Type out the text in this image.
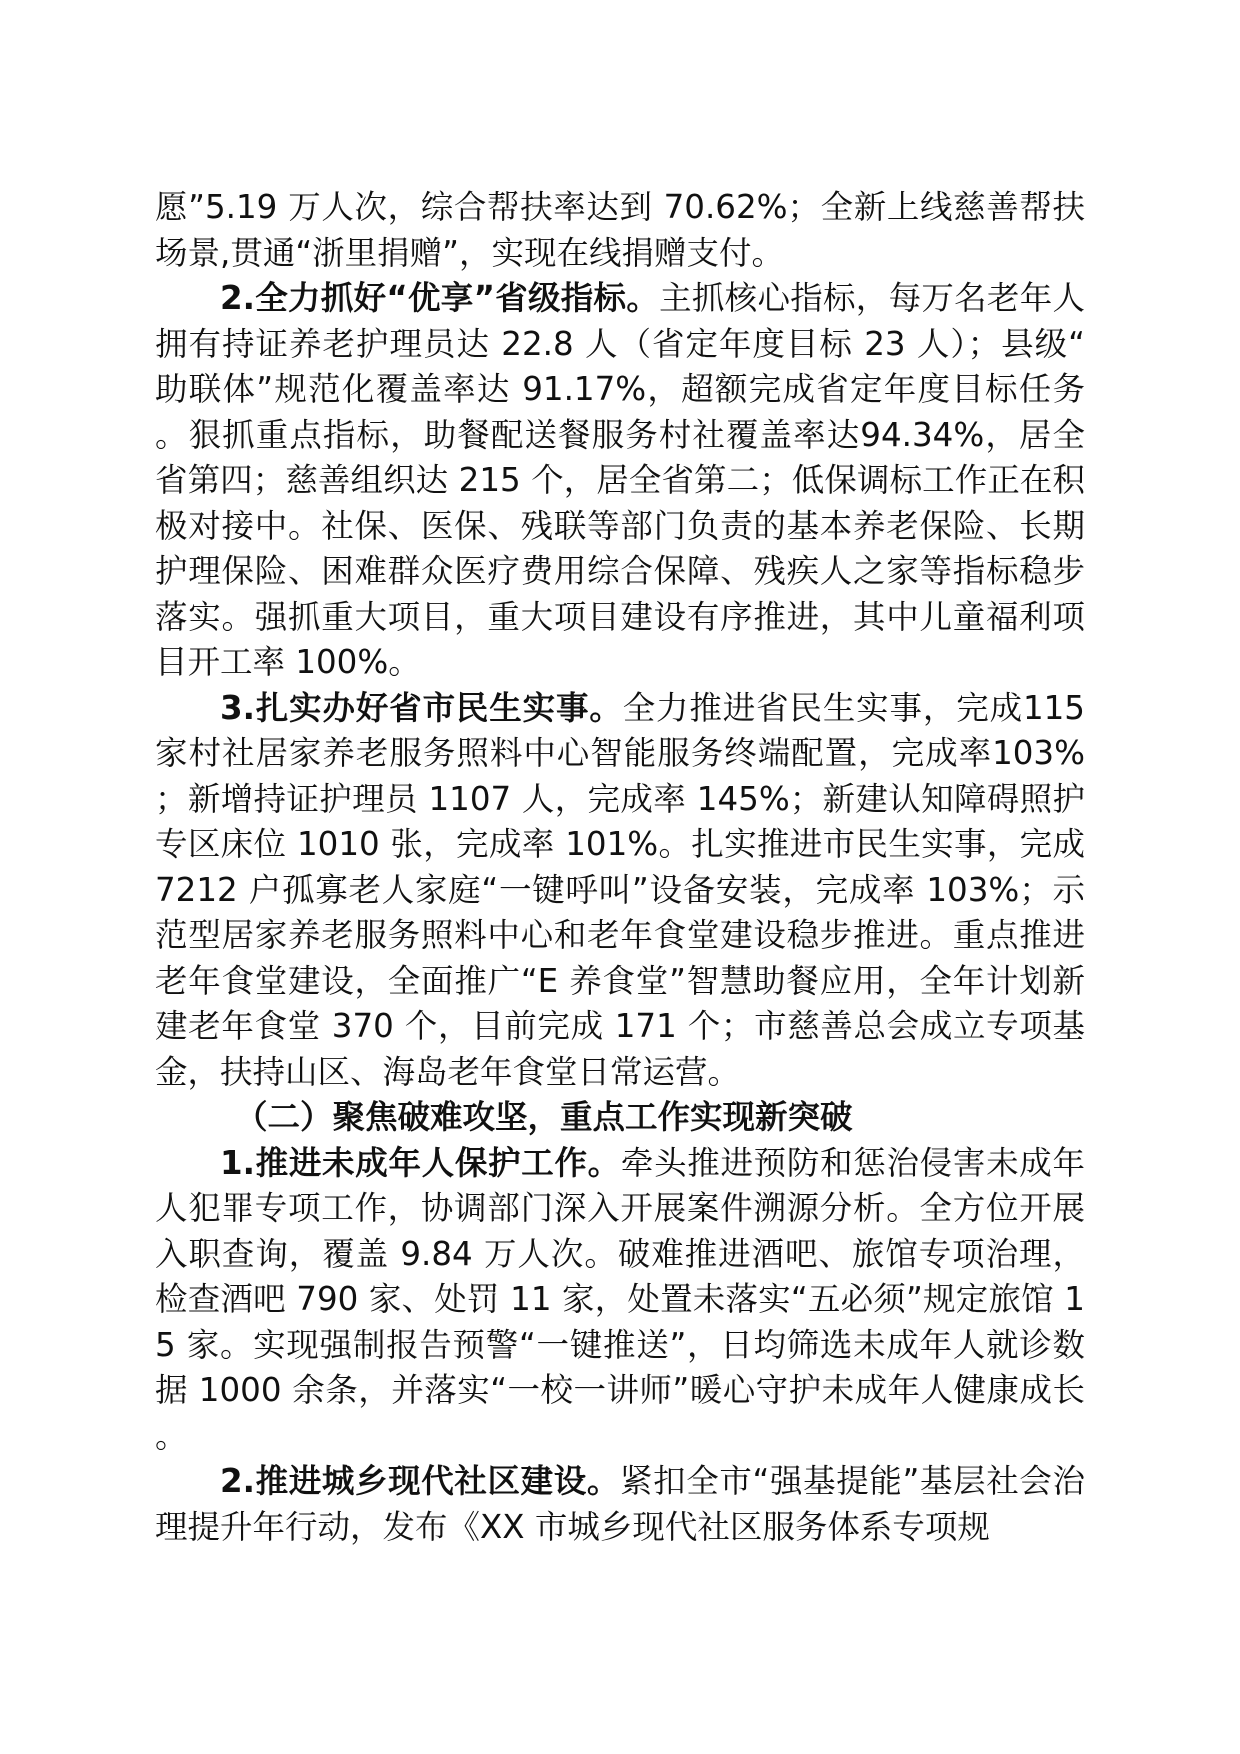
愿”5.19 万人次，综合帮扶率达到 70.62%；全新上线慈善帮扶场景,贯通“浙里捐赠”，实现在线捐赠支付。

2.全力抓好“优享”省级指标。主抓核心指标，每万名老年人拥有持证养老护理员达 22.8 人（省定年度目标 23 人）；县级“助联体”规范化覆盖率达 91.17%，超额完成省定年度目标任务。狠抓重点指标，助餐配送餐服务村社覆盖率达94.34%，居全省第四；慈善组织达 215 个，居全省第二；低保调标工作正在积极对接中。社保、医保、残联等部门负责的基本养老保险、长期护理保险、困难群众医疗费用综合保障、残疾人之家等指标稳步落实。强抓重大项目，重大项目建设有序推进，其中儿童福利项目开工率 100%。

3.扎实办好省市民生实事。全力推进省民生实事，完成115 家村社居家养老服务照料中心智能服务终端配置，完成率103%；新增持证护理员 1107 人，完成率 145%；新建认知障碍照护专区床位 1010 张，完成率 101%。扎实推进市民生实事，完成 7212 户孤寡老人家庭“一键呼叫”设备安装，完成率 103%；示范型居家养老服务照料中心和老年食堂建设稳步推进。重点推进老年食堂建设，全面推广“E 养食堂”智慧助餐应用，全年计划新建老年食堂 370 个，目前完成 171 个；市慈善总会成立专项基金，扶持山区、海岛老年食堂日常运营。

（二）聚焦破难攻坚，重点工作实现新突破

1.推进未成年人保护工作。牵头推进预防和惩治侵害未成年人犯罪专项工作，协调部门深入开展案件溯源分析。全方位开展入职查询，覆盖 9.84 万人次。破难推进酒吧、旅馆专项治理，检查酒吧 790 家、处罚 11 家，处置未落实“五必须”规定旅馆 15 家。实现强制报告预警“一键推送”，日均筛选未成年人就诊数据 1000 余条，并落实“一校一讲师”暖心守护未成年人健康成长。

2.推进城乡现代社区建设。紧扣全市“强基提能”基层社会治理提升年行动，发布《XX 市城乡现代社区服务体系专项规
